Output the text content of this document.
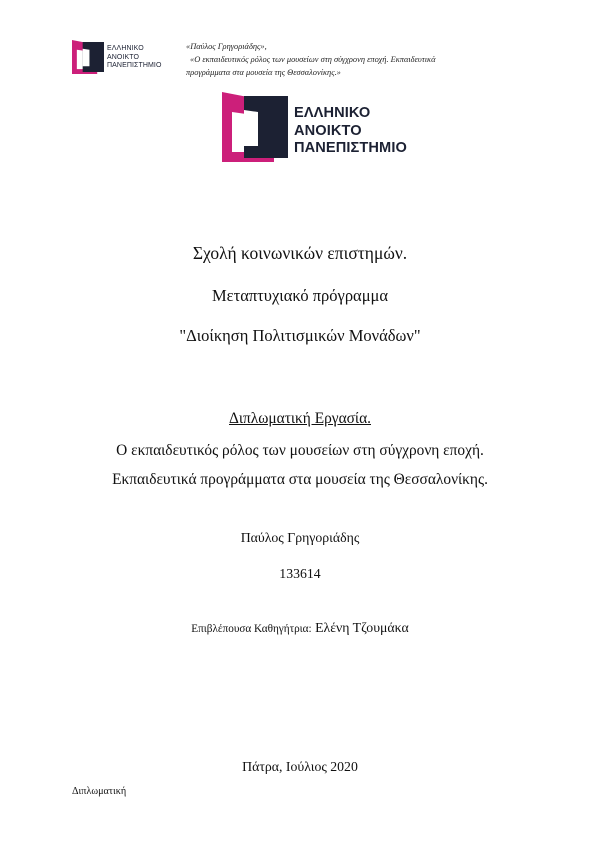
ΕΛΛΗΝΙΚΟ
ΑΝΟΙΚΤΟ
ΠΑΝΕΠΙΣΤΗΜΙΟ
«Παύλος Γρηγοριάδης»,
«Ο εκπαιδευτικός ρόλος των μουσείων στη σύγχρονη εποχή. Εκπαιδευτικά
προγράμματα στα μουσεία της Θεσσαλονίκης.»
ΕΛΛΗΝΙΚΟ
ΑΝΟΙΚΤΟ
ΠΑΝΕΠΙΣΤΗΜΙΟ
Σχολή κοινωνικών επιστημών.
Μεταπτυχιακό πρόγραμμα
"Διοίκηση Πολιτισμικών Μονάδων"
Διπλωματική Εργασία.
Ο εκπαιδευτικός ρόλος των μουσείων στη σύγχρονη εποχή.
Εκπαιδευτικά προγράμματα στα μουσεία της Θεσσαλονίκης.
Παύλος Γρηγοριάδης
133614
Επιβλέπουσα Καθηγήτρια: Ελένη Τζουμάκα
Πάτρα, Ιούλιος 2020
Διπλωματική
